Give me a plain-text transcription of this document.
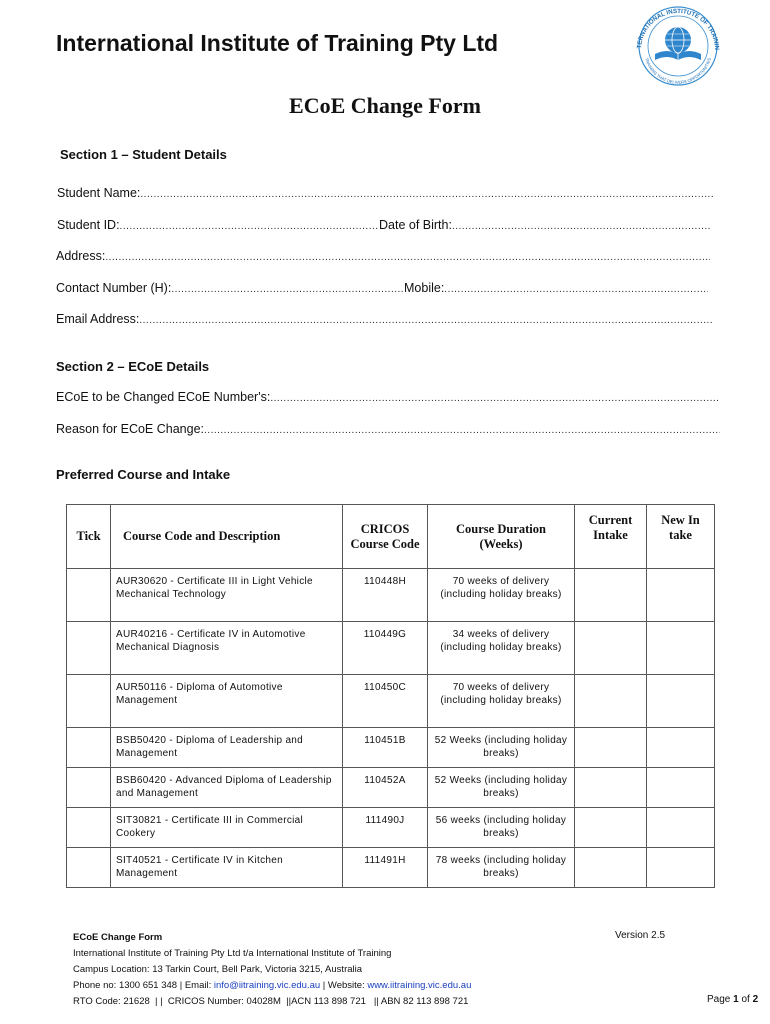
International Institute of Training Pty Ltd	TERNATIONAL INSTITUTE OF TRAININ
TRAINING THAT DELIVERS OPPORTUNITIES
ECoE Change Form
Section 1 – Student Details
Student Name:
.....
Student ID: .....	Date of Birth:
.....
Address:
.....
Contact Number (H): .....	Mobile:
.....
Email Address:
.....
Section 2 – ECoE Details
ECoE to be Changed ECoE Number's:
.....
Reason for ECoE Change:
.....
Preferred Course and Intake
Tick	Course Code and Description	CRICOS Course Code	Course Duration (Weeks)	Current Intake	New Intake
	AUR30620 - Certificate III in Light Vehicle Mechanical Technology	110448H	70 weeks of delivery (including holiday breaks)		
	AUR40216 - Certificate IV in Automotive Mechanical Diagnosis	110449G	34 weeks of delivery (including holiday breaks)		
	AUR50116 - Diploma of Automotive Management	110450C	70 weeks of delivery (including holiday breaks)		
	BSB50420 - Diploma of Leadership and Management	110451B	52 Weeks (including holiday breaks)		
	BSB60420 - Advanced Diploma of Leadership and Management	110452A	52 Weeks (including holiday breaks)		
	SIT30821 - Certificate III in Commercial Cookery	111490J	56 weeks (including holiday breaks)		
	SIT40521 - Certificate IV in Kitchen Management	111491H	78 weeks (including holiday breaks)		
ECoE Change Form
International Institute of Training Pty Ltd t/a International Institute of Training
Campus Location: 13 Tarkin Court, Bell Park, Victoria 3215, Australia
Phone no: 1300 651 348 | Email: info@iitraining.vic.edu.au | Website: www.iitraining.vic.edu.au
RTO Code: 21628  | |  CRICOS Number: 04028M  ||ACN 113 898 721   || ABN 82 113 898 721
Version 2.5
Page 1 of 2
